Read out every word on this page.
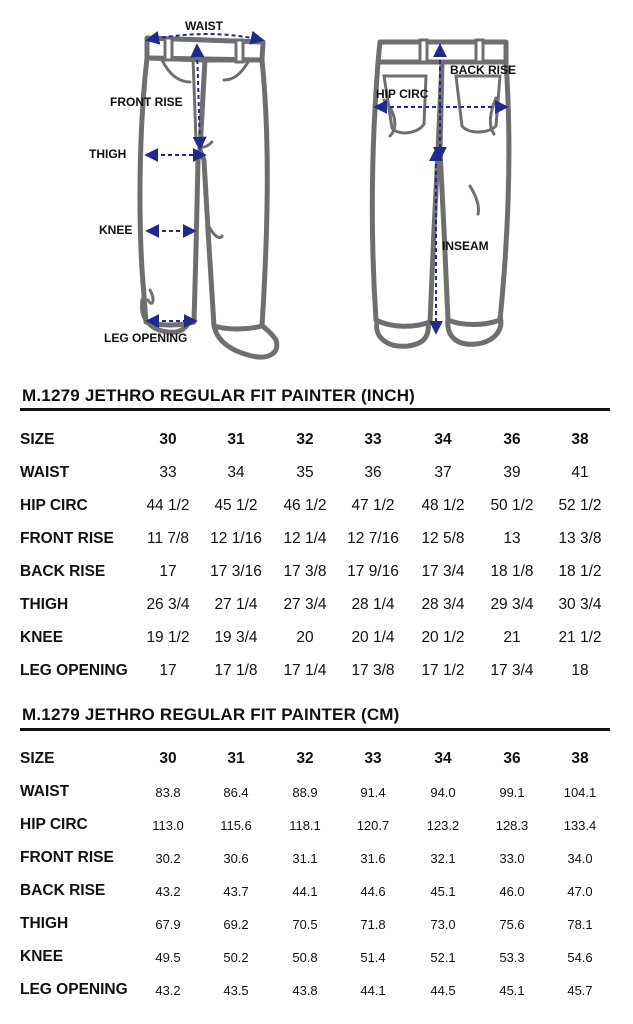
WAIST
FRONT RISE
THIGH
KNEE
LEG OPENING
BACK RISE
HIP CIRC
INSEAM
M.1279 JETHRO REGULAR FIT PAINTER (INCH)
SIZE	30	31	32	33	34	36	38
WAIST	33	34	35	36	37	39	41
HIP CIRC	44 1/2	45 1/2	46 1/2	47 1/2	48 1/2	50 1/2	52 1/2
FRONT RISE	11 7/8	12 1/16	12 1/4	12 7/16	12 5/8	13	13 3/8
BACK RISE	17	17 3/16	17 3/8	17 9/16	17 3/4	18 1/8	18 1/2
THIGH	26 3/4	27 1/4	27 3/4	28 1/4	28 3/4	29 3/4	30 3/4
KNEE	19 1/2	19 3/4	20	20 1/4	20 1/2	21	21 1/2
LEG OPENING	17	17 1/8	17 1/4	17 3/8	17 1/2	17 3/4	18
M.1279 JETHRO REGULAR FIT PAINTER (CM)
SIZE	30	31	32	33	34	36	38
WAIST	83.8	86.4	88.9	91.4	94.0	99.1	104.1
HIP CIRC	113.0	115.6	118.1	120.7	123.2	128.3	133.4
FRONT RISE	30.2	30.6	31.1	31.6	32.1	33.0	34.0
BACK RISE	43.2	43.7	44.1	44.6	45.1	46.0	47.0
THIGH	67.9	69.2	70.5	71.8	73.0	75.6	78.1
KNEE	49.5	50.2	50.8	51.4	52.1	53.3	54.6
LEG OPENING	43.2	43.5	43.8	44.1	44.5	45.1	45.7
